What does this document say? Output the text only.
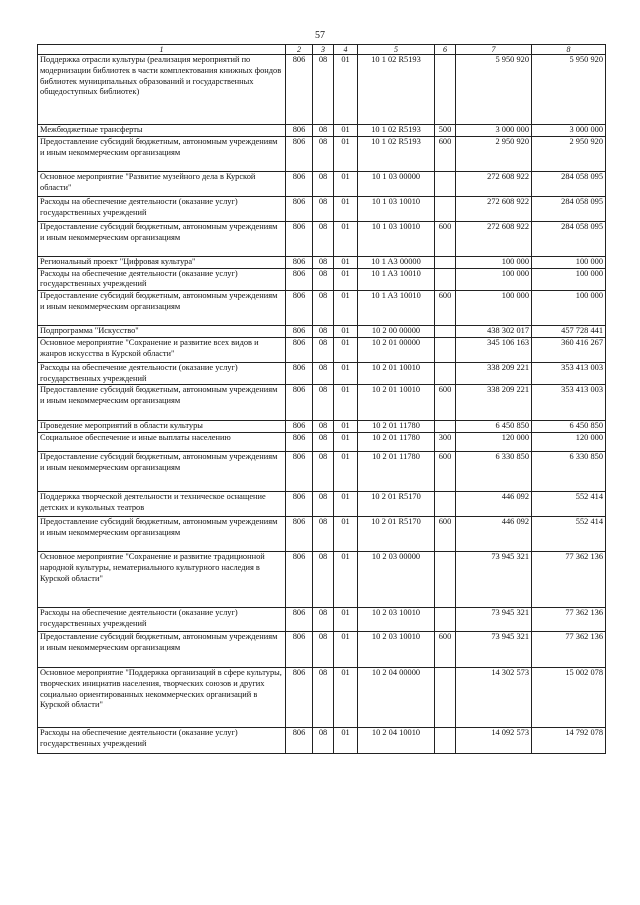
57
1	2	3	4	5	6	7	8
Поддержка отрасли культуры (реализация мероприятий по модернизации библиотек в части комплектования книжных фондов библиотек муниципальных образований и государственных общедоступных библиотек)	806	08	01	10 1 02 R5193		5 950 920	5 950 920
Межбюджетные трансферты	806	08	01	10 1 02 R5193	500	3 000 000	3 000 000
Предоставление субсидий бюджетным, автономным учреждениям и иным некоммерческим организациям	806	08	01	10 1 02 R5193	600	2 950 920	2 950 920
Основное мероприятие "Развитие музейного дела в Курской области"	806	08	01	10 1 03 00000		272 608 922	284 058 095
Расходы на обеспечение деятельности (оказание услуг) государственных учреждений	806	08	01	10 1 03 10010		272 608 922	284 058 095
Предоставление субсидий бюджетным, автономным учреждениям и иным некоммерческим организациям	806	08	01	10 1 03 10010	600	272 608 922	284 058 095
Региональный проект "Цифровая культура"	806	08	01	10 1 A3 00000		100 000	100 000
Расходы на обеспечение деятельности (оказание услуг) государственных учреждений	806	08	01	10 1 A3 10010		100 000	100 000
Предоставление субсидий бюджетным, автономным учреждениям и иным некоммерческим организациям	806	08	01	10 1 A3 10010	600	100 000	100 000
Подпрограмма "Искусство"	806	08	01	10 2 00 00000		438 302 017	457 728 441
Основное мероприятие "Сохранение и развитие всех видов и жанров искусства в Курской области"	806	08	01	10 2 01 00000		345 106 163	360 416 267
Расходы на обеспечение деятельности (оказание услуг) государственных учреждений	806	08	01	10 2 01 10010		338 209 221	353 413 003
Предоставление субсидий бюджетным, автономным учреждениям и иным некоммерческим организациям	806	08	01	10 2 01 10010	600	338 209 221	353 413 003
Проведение мероприятий в области культуры	806	08	01	10 2 01 11780		6 450 850	6 450 850
Социальное обеспечение и иные выплаты населению	806	08	01	10 2 01 11780	300	120 000	120 000
Предоставление субсидий бюджетным, автономным учреждениям и иным некоммерческим организациям	806	08	01	10 2 01 11780	600	6 330 850	6 330 850
Поддержка творческой деятельности и техническое оснащение детских и кукольных театров	806	08	01	10 2 01 R5170		446 092	552 414
Предоставление субсидий бюджетным, автономным учреждениям и иным некоммерческим организациям	806	08	01	10 2 01 R5170	600	446 092	552 414
Основное мероприятие "Сохранение и развитие традиционной народной культуры, нематериального культурного наследия в Курской области"	806	08	01	10 2 03 00000		73 945 321	77 362 136
Расходы на обеспечение деятельности (оказание услуг) государственных учреждений	806	08	01	10 2 03 10010		73 945 321	77 362 136
Предоставление субсидий бюджетным, автономным учреждениям и иным некоммерческим организациям	806	08	01	10 2 03 10010	600	73 945 321	77 362 136
Основное мероприятие "Поддержка организаций в сфере культуры, творческих инициатив населения, творческих союзов и других социально ориентированных некоммерческих организаций в Курской области"	806	08	01	10 2 04 00000		14 302 573	15 002 078
Расходы на обеспечение деятельности (оказание услуг) государственных учреждений	806	08	01	10 2 04 10010		14 092 573	14 792 078
